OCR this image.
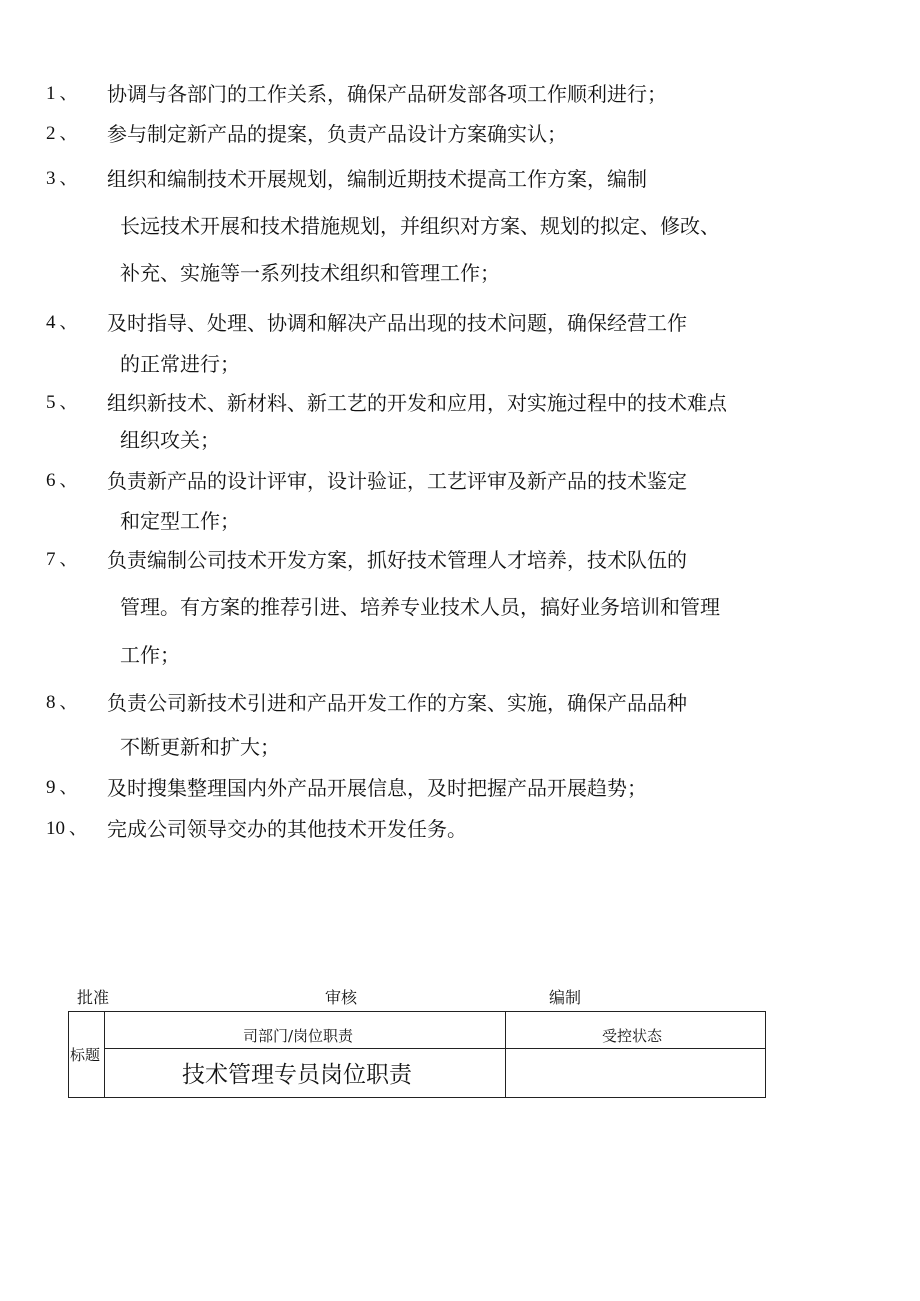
1 、 协调与各部门的工作关系，确保产品研发部各项工作顺利进行；
2 、 参与制定新产品的提案，负责产品设计方案确实认；
3 、 组织和编制技术开展规划，编制近期技术提高工作方案，编制
长远技术开展和技术措施规划，并组织对方案、规划的拟定、修改、
补充、实施等一系列技术组织和管理工作；
4 、 及时指导、处理、协调和解决产品出现的技术问题，确保经营工作
的正常进行；
5 、 组织新技术、新材料、新工艺的开发和应用，对实施过程中的技术难点
组织攻关；
6 、 负责新产品的设计评审，设计验证，工艺评审及新产品的技术鉴定
和定型工作；
7 、 负责编制公司技术开发方案，抓好技术管理人才培养，技术队伍的
管理。有方案的推荐引进、培养专业技术人员，搞好业务培训和管理
工作；
8 、 负责公司新技术引进和产品开发工作的方案、实施，确保产品品种
不断更新和扩大；
9 、 及时搜集整理国内外产品开展信息，及时把握产品开展趋势；
10 、 完成公司领导交办的其他技术开发任务。
批准	审核	编制
标题
司部门/岗位职责	受控状态
技术管理专员岗位职责
